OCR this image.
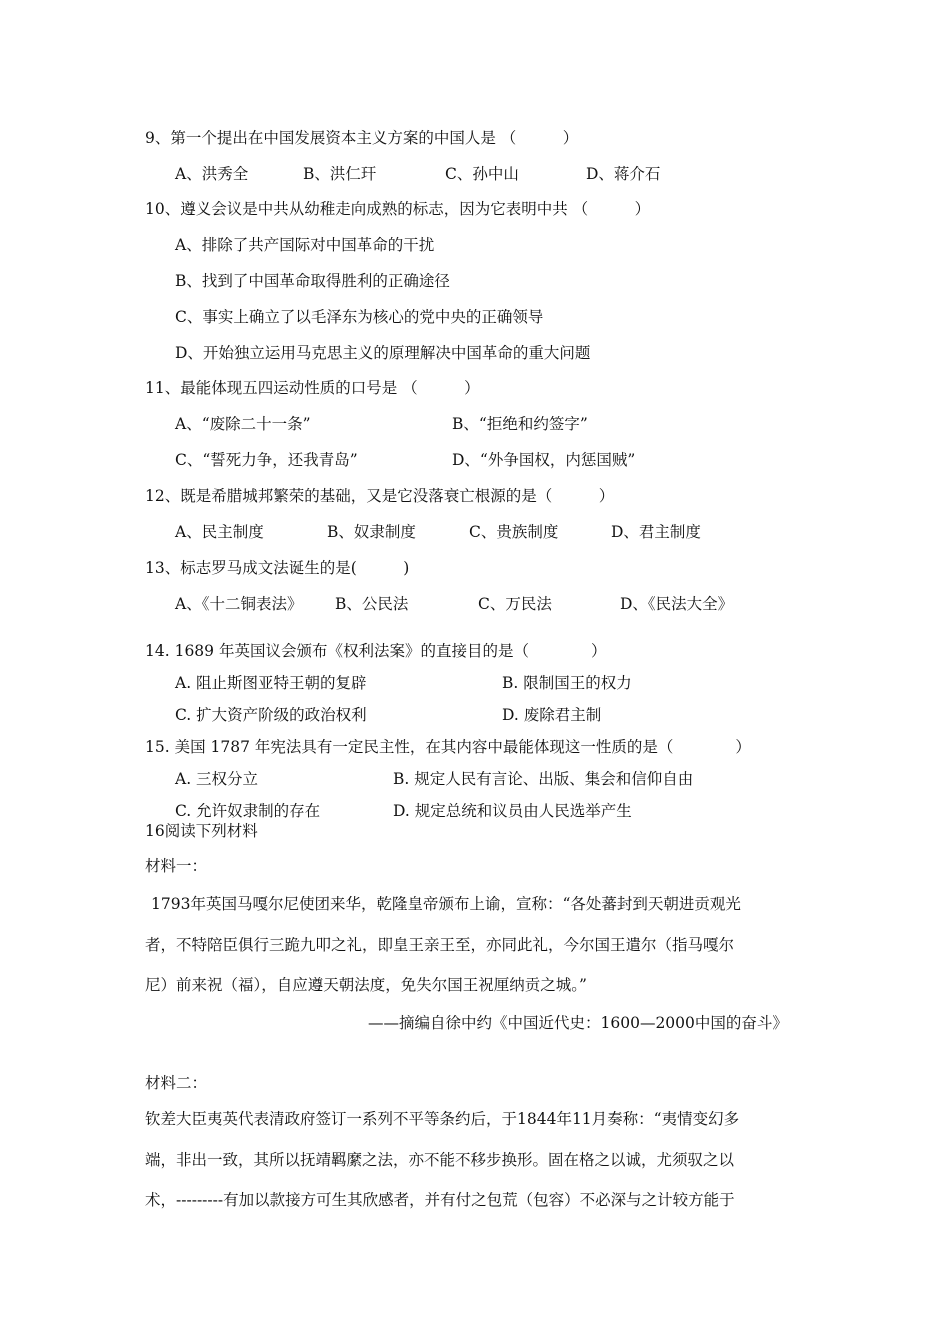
9、第一个提出在中国发展资本主义方案的中国人是 （　　　）
A、洪秀全	B、洪仁玕	C、孙中山	D、蒋介石
10、遵义会议是中共从幼稚走向成熟的标志，因为它表明中共 （　　　）
A、排除了共产国际对中国革命的干扰
B、找到了中国革命取得胜利的正确途径
C、事实上确立了以毛泽东为核心的党中央的正确领导
D、开始独立运用马克思主义的原理解决中国革命的重大问题
11、最能体现五四运动性质的口号是 （　　　）
A、“废除二十一条”	B、“拒绝和约签字”
C、“誓死力争，还我青岛”	D、“外争国权，内惩国贼”
12、既是希腊城邦繁荣的基础，又是它没落衰亡根源的是（　　　）
A、民主制度	B、奴隶制度	C、贵族制度	D、君主制度
13、标志罗马成文法诞生的是(　　　)
A、《十二铜表法》 B、公民法	C、万民法	D、《民法大全》
14. 1689 年英国议会颁布《权利法案》的直接目的是（　　　　）
A. 阻止斯图亚特王朝的复辟	B. 限制国王的权力
C. 扩大资产阶级的政治权利	D. 废除君主制
15. 美国 1787 年宪法具有一定民主性，在其内容中最能体现这一性质的是（　　　　）
A. 三权分立	B. 规定人民有言论、出版、集会和信仰自由
C. 允许奴隶制的存在	D. 规定总统和议员由人民选举产生
16阅读下列材料
材料一：
1793年英国马嘎尔尼使团来华，乾隆皇帝颁布上谕，宣称：“各处蕃封到天朝进贡观光
者，不特陪臣俱行三跪九叩之礼，即皇王亲王至，亦同此礼，今尔国王遣尔（指马嘎尔
尼）前来祝（福），自应遵天朝法度，免失尔国王祝厘纳贡之城。”
——摘编自徐中约《中国近代史：1600—2000中国的奋斗》
材料二：
钦差大臣夷英代表清政府签订一系列不平等条约后，于1844年11月奏称：“夷情变幻多
端，非出一致，其所以抚靖羁縻之法，亦不能不移步换形。固在格之以诚，尤须驭之以
术，---------有加以款接方可生其欣感者，并有付之包荒（包容）不必深与之计较方能于
